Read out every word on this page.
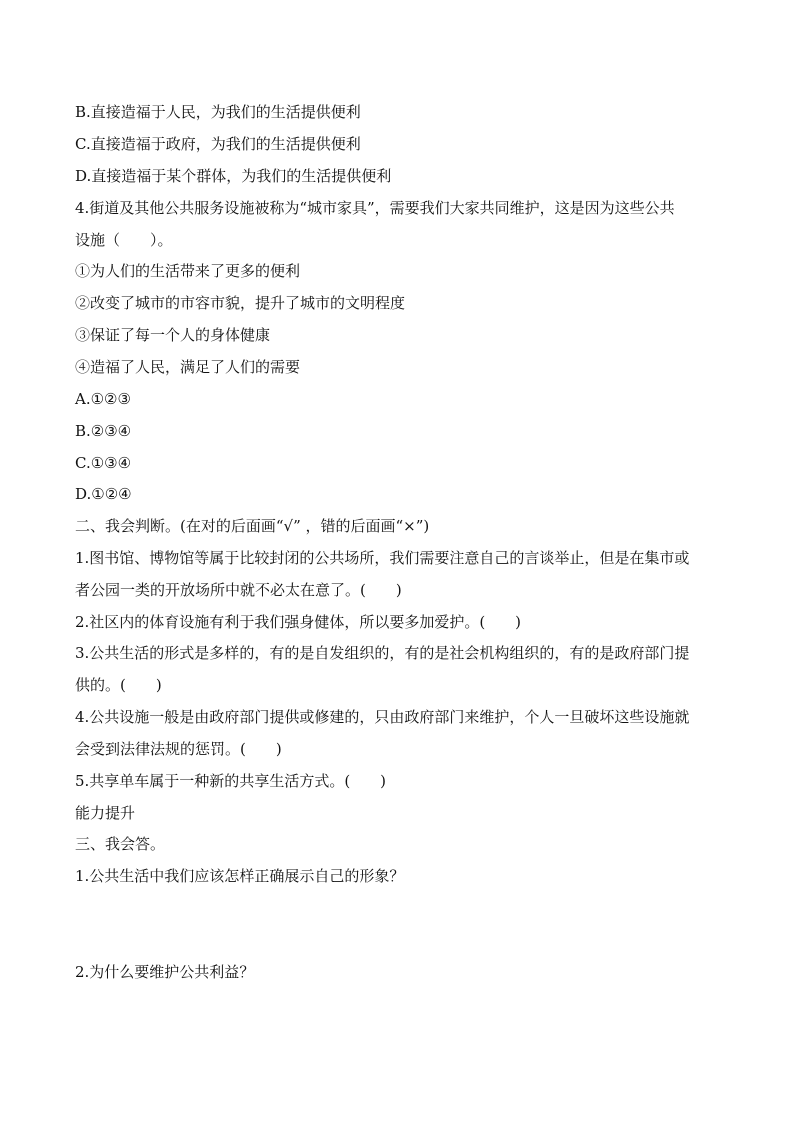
B.直接造福于人民，为我们的生活提供便利
C.直接造福于政府，为我们的生活提供便利
D.直接造福于某个群体，为我们的生活提供便利
4.街道及其他公共服务设施被称为“城市家具”，需要我们大家共同维护，这是因为这些公共
设施（　　）。
①为人们的生活带来了更多的便利
②改变了城市的市容市貌，提升了城市的文明程度
③保证了每一个人的身体健康
④造福了人民，满足了人们的需要
A.①②③
B.②③④
C.①③④
D.①②④
二、我会判断。(在对的后面画“√” ，错的后面画“×”)
1.图书馆、博物馆等属于比较封闭的公共场所，我们需要注意自己的言谈举止，但是在集市或
者公园一类的开放场所中就不必太在意了。(　　)
2.社区内的体育设施有利于我们强身健体，所以要多加爱护。(　　)
3.公共生活的形式是多样的，有的是自发组织的，有的是社会机构组织的，有的是政府部门提
供的。(　　)
4.公共设施一般是由政府部门提供或修建的，只由政府部门来维护，个人一旦破坏这些设施就
会受到法律法规的惩罚。(　　)
5.共享单车属于一种新的共享生活方式。(　　)
能力提升
三、我会答。
1.公共生活中我们应该怎样正确展示自己的形象？
2.为什么要维护公共利益？
